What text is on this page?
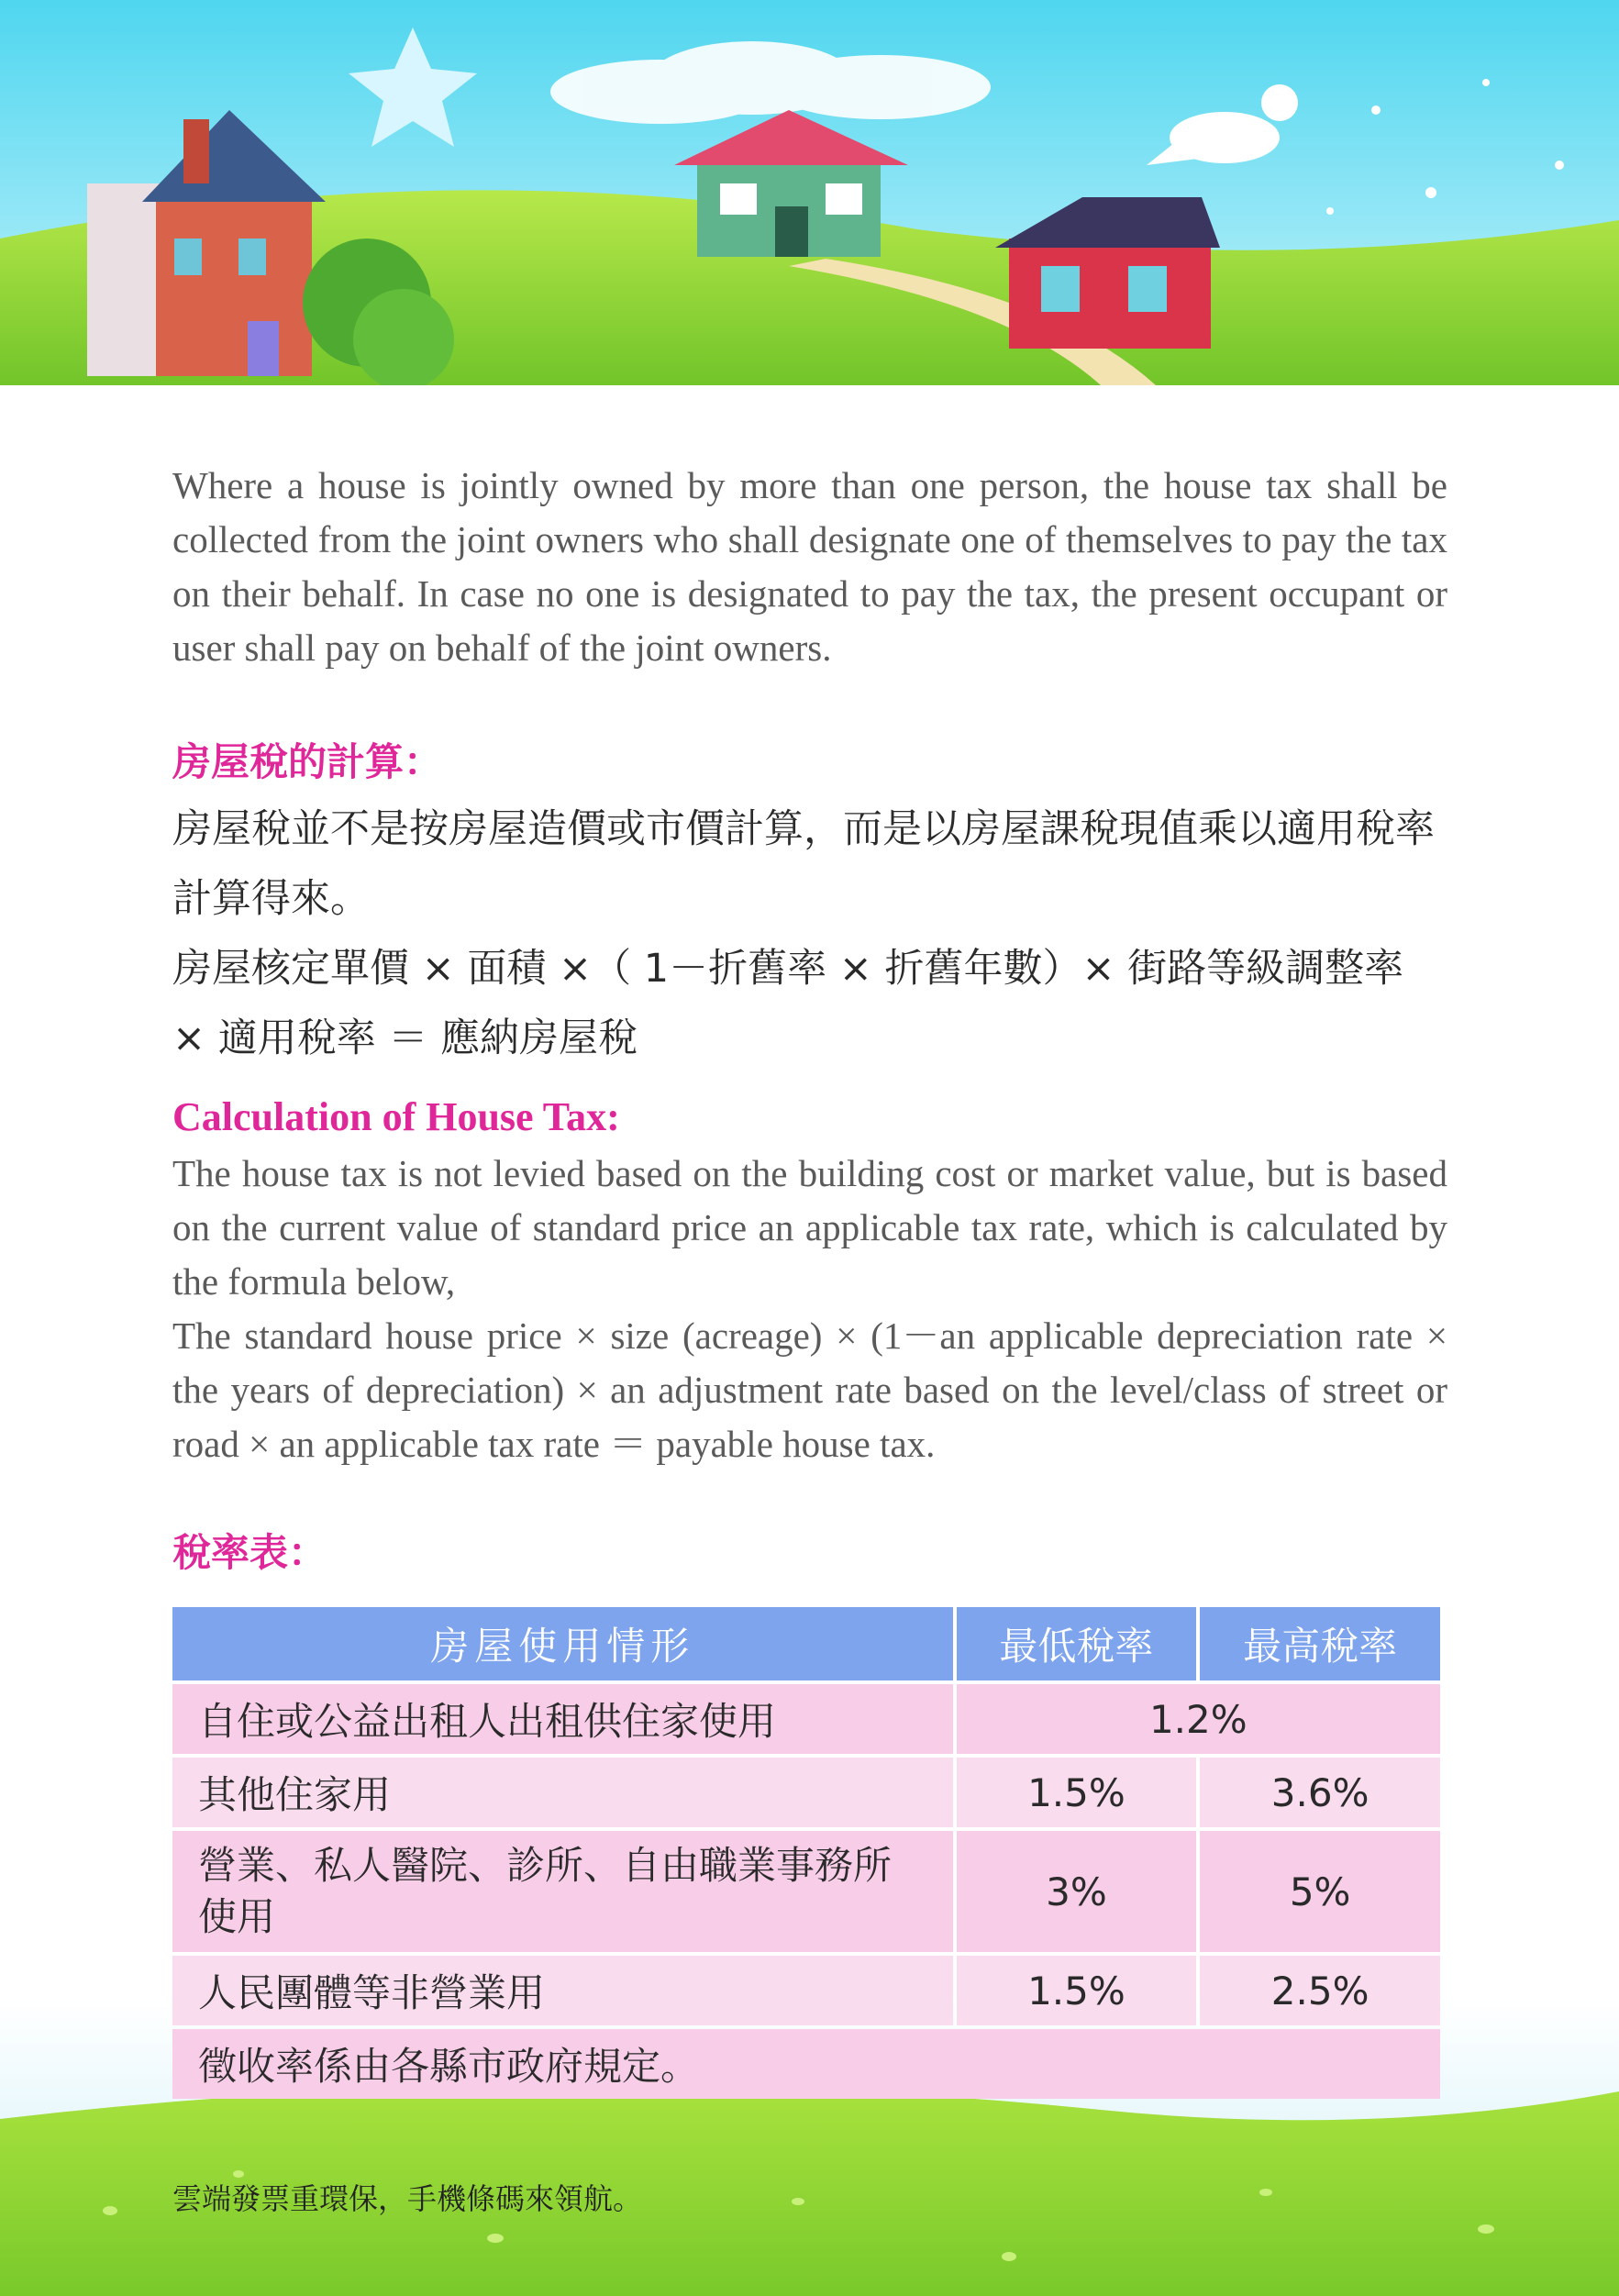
Where a house is jointly owned by more than one person, the house tax shall be collected from the joint owners who shall designate one of themselves to pay the tax on their behalf. In case no one is designated to pay the tax, the present occupant or user shall pay on behalf of the joint owners.

房屋稅的計算：

房屋稅並不是按房屋造價或市價計算，而是以房屋課稅現值乘以適用稅率計算得來。

房屋核定單價 × 面積 ×（ 1－折舊率 × 折舊年數）× 街路等級調整率 × 適用稅率 ＝ 應納房屋稅

Calculation of House Tax:

The house tax is not levied based on the building cost or market value, but is based on the current value of standard price an applicable tax rate, which is calculated by the formula below,

The standard house price × size (acreage) × (1－an applicable depreciation rate × the years of depreciation) × an adjustment rate based on the level/class of street or road × an applicable tax rate ＝ payable house tax.

稅率表：

房屋使用情形	最低稅率	最高稅率
自住或公益出租人出租供住家使用	1.2%	
其他住家用	1.5%	3.6%
營業、私人醫院、診所、自由職業事務所使用	3%	5%
人民團體等非營業用	1.5%	2.5%
徵收率係由各縣市政府規定。		
雲端發票重環保，手機條碼來領航。
